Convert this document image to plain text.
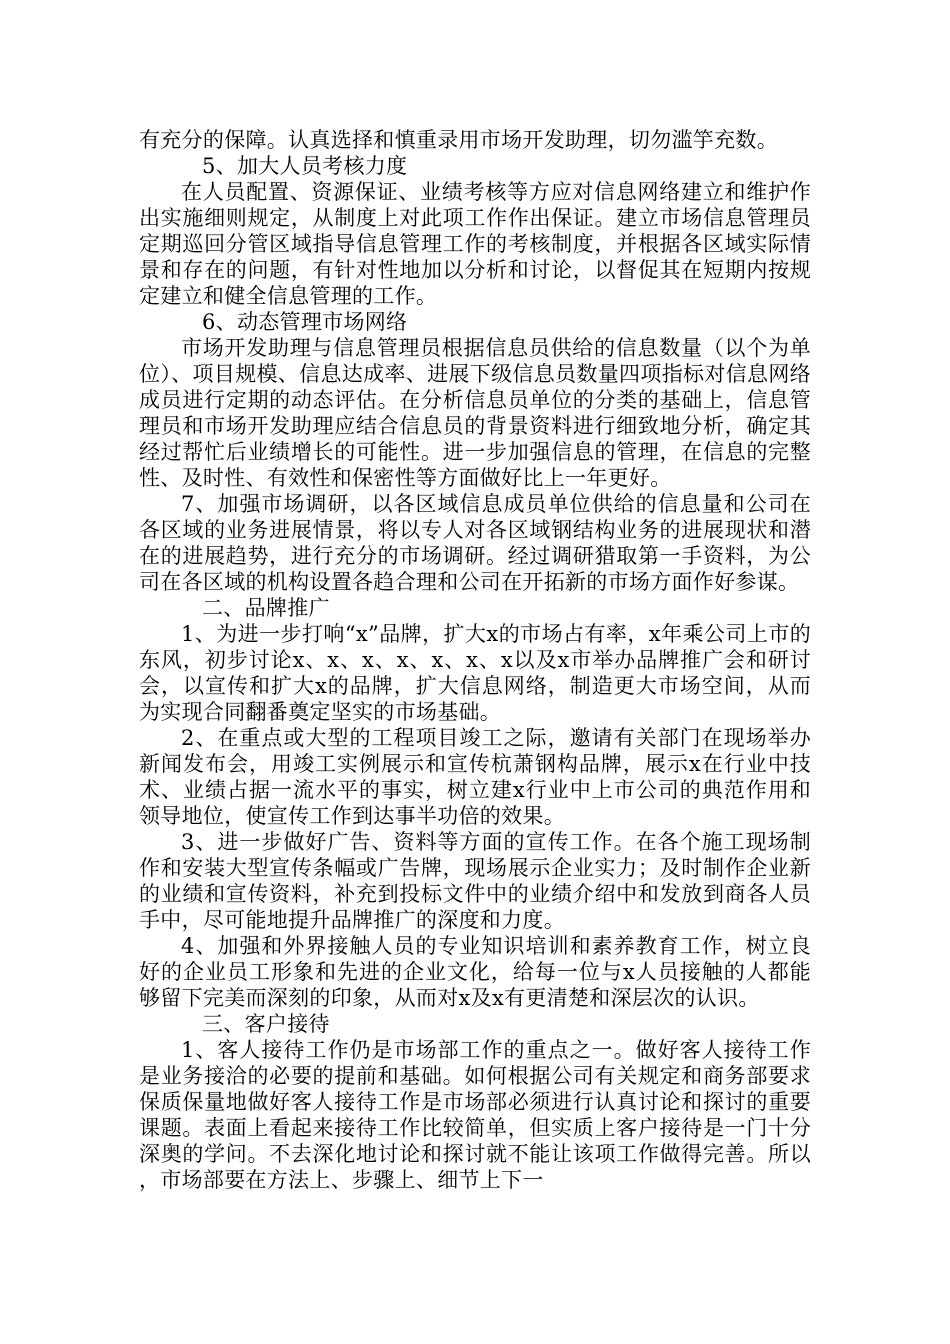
有充分的保障。认真选择和慎重录用市场开发助理，切勿滥竽充数。

5、加大人员考核力度

在人员配置、资源保证、业绩考核等方应对信息网络建立和维护作出实施细则规定，从制度上对此项工作作出保证。建立市场信息管理员定期巡回分管区域指导信息管理工作的考核制度，并根据各区域实际情景和存在的问题，有针对性地加以分析和讨论，以督促其在短期内按规定建立和健全信息管理的工作。

6、动态管理市场网络

市场开发助理与信息管理员根据信息员供给的信息数量（以个为单位）、项目规模、信息达成率、进展下级信息员数量四项指标对信息网络成员进行定期的动态评估。在分析信息员单位的分类的基础上，信息管理员和市场开发助理应结合信息员的背景资料进行细致地分析，确定其经过帮忙后业绩增长的可能性。进一步加强信息的管理，在信息的完整性、及时性、有效性和保密性等方面做好比上一年更好。

7、加强市场调研，以各区域信息成员单位供给的信息量和公司在各区域的业务进展情景，将以专人对各区域钢结构业务的进展现状和潜在的进展趋势，进行充分的市场调研。经过调研猎取第一手资料，为公司在各区域的机构设置各趋合理和公司在开拓新的市场方面作好参谋。

二、品牌推广

1、为进一步打响“x”品牌，扩大x的市场占有率，x年乘公司上市的东风，初步讨论x、x、x、x、x、x、x以及x市举办品牌推广会和研讨会，以宣传和扩大x的品牌，扩大信息网络，制造更大市场空间，从而为实现合同翻番奠定坚实的市场基础。

2、在重点或大型的工程项目竣工之际，邀请有关部门在现场举办新闻发布会，用竣工实例展示和宣传杭萧钢构品牌，展示x在行业中技术、业绩占据一流水平的事实，树立建x行业中上市公司的典范作用和领导地位，使宣传工作到达事半功倍的效果。

3、进一步做好广告、资料等方面的宣传工作。在各个施工现场制作和安装大型宣传条幅或广告牌，现场展示企业实力；及时制作企业新的业绩和宣传资料，补充到投标文件中的业绩介绍中和发放到商各人员手中，尽可能地提升品牌推广的深度和力度。

4、加强和外界接触人员的专业知识培训和素养教育工作，树立良好的企业员工形象和先进的企业文化，给每一位与x人员接触的人都能够留下完美而深刻的印象，从而对x及x有更清楚和深层次的认识。

三、客户接待

1、客人接待工作仍是市场部工作的重点之一。做好客人接待工作是业务接洽的必要的提前和基础。如何根据公司有关规定和商务部要求保质保量地做好客人接待工作是市场部必须进行认真讨论和探讨的重要课题。表面上看起来接待工作比较简单，但实质上客户接待是一门十分深奥的学问。不去深化地讨论和探讨就不能让该项工作做得完善。所以，市场部要在方法上、步骤上、细节上下一
